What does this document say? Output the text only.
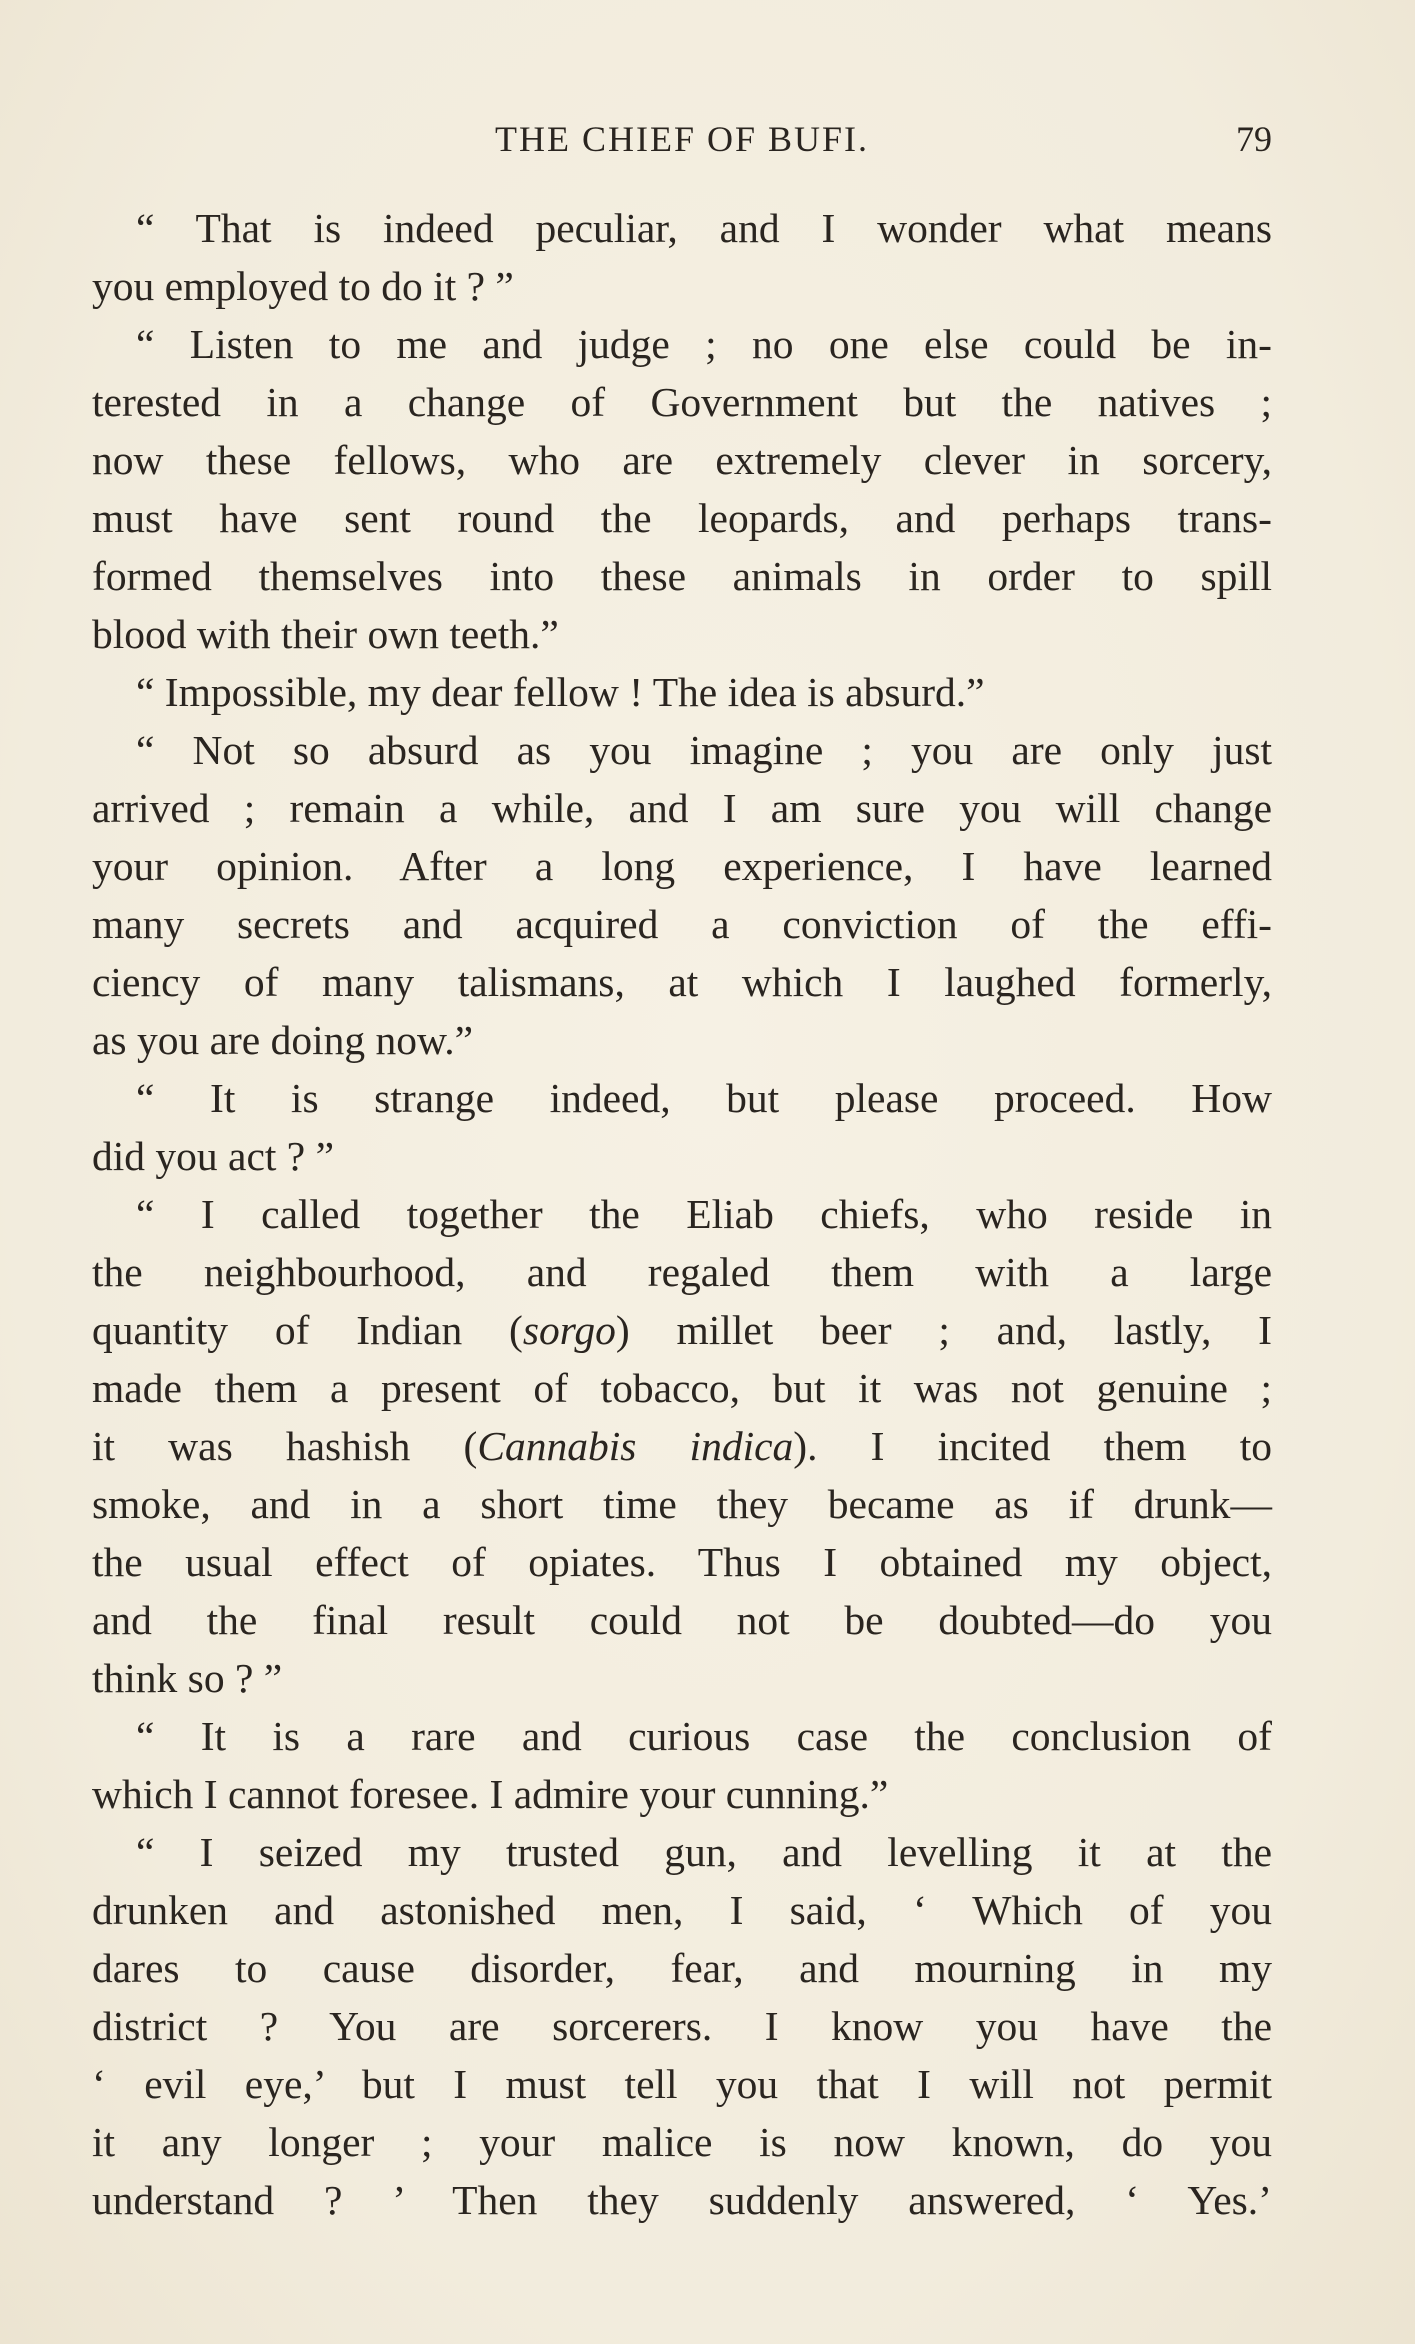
THE CHIEF OF BUFI.	79
“ That is indeed peculiar, and I wonder what means
you employed to do it ? ”
“ Listen to me and judge ; no one else could be in-
terested in a change of Government but the natives ;
now these fellows, who are extremely clever in sorcery,
must have sent round the leopards, and perhaps trans-
formed themselves into these animals in order to spill
blood with their own teeth.”
“ Impossible, my dear fellow ! The idea is absurd.”
“ Not so absurd as you imagine ; you are only just
arrived ; remain a while, and I am sure you will change
your opinion. After a long experience, I have learned
many secrets and acquired a conviction of the effi-
ciency of many talismans, at which I laughed formerly,
as you are doing now.”
“ It is strange indeed, but please proceed. How
did you act ? ”
“ I called together the Eliab chiefs, who reside in
the neighbourhood, and regaled them with a large
quantity of Indian (sorgo) millet beer ; and, lastly, I
made them a present of tobacco, but it was not genuine ;
it was hashish (Cannabis indica). I incited them to
smoke, and in a short time they became as if drunk—
the usual effect of opiates. Thus I obtained my object,
and the final result could not be doubted—do you
think so ? ”
“ It is a rare and curious case the conclusion of
which I cannot foresee. I admire your cunning.”
“ I seized my trusted gun, and levelling it at the
drunken and astonished men, I said, ‘ Which of you
dares to cause disorder, fear, and mourning in my
district ? You are sorcerers. I know you have the
‘ evil eye,’ but I must tell you that I will not permit
it any longer ; your malice is now known, do you
understand ? ’ Then they suddenly answered, ‘ Yes.’
